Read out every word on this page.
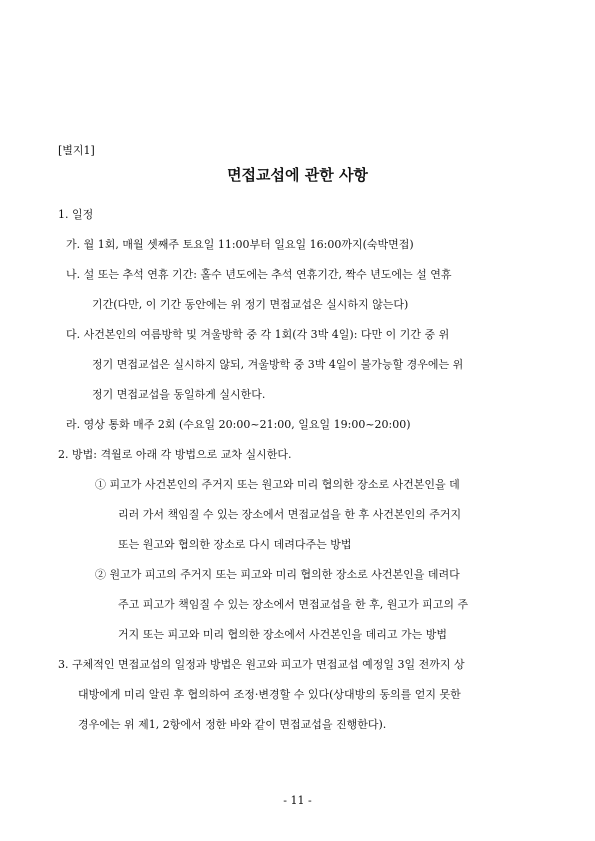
[별지1]
면접교섭에 관한 사항
1. 일정
가. 월 1회, 매월 셋째주 토요일 11:00부터 일요일 16:00까지(숙박면접)
나. 설 또는 추석 연휴 기간: 홀수 년도에는 추석 연휴기간, 짝수 년도에는 설 연휴
기간(다만, 이 기간 동안에는 위 정기 면접교섭은 실시하지 않는다)
다. 사건본인의 여름방학 및 겨울방학 중 각 1회(각 3박 4일): 다만 이 기간 중 위
정기 면접교섭은 실시하지 않되, 겨울방학 중 3박 4일이 불가능할 경우에는 위
정기 면접교섭을 동일하게 실시한다.
라. 영상 통화 매주 2회 (수요일 20:00~21:00, 일요일 19:00~20:00)
2. 방법: 격월로 아래 각 방법으로 교차 실시한다.
① 피고가 사건본인의 주거지 또는 원고와 미리 협의한 장소로 사건본인을 데
리러 가서 책임질 수 있는 장소에서 면접교섭을 한 후 사건본인의 주거지
또는 원고와 협의한 장소로 다시 데려다주는 방법
② 원고가 피고의 주거지 또는 피고와 미리 협의한 장소로 사건본인을 데려다
주고 피고가 책임질 수 있는 장소에서 면접교섭을 한 후, 원고가 피고의 주
거지 또는 피고와 미리 협의한 장소에서 사건본인을 데리고 가는 방법
3. 구체적인 면접교섭의 일정과 방법은 원고와 피고가 면접교섭 예정일 3일 전까지 상
대방에게 미리 알린 후 협의하여 조정·변경할 수 있다(상대방의 동의를 얻지 못한
경우에는 위 제1, 2항에서 정한 바와 같이 면접교섭을 진행한다).
- 11 -
